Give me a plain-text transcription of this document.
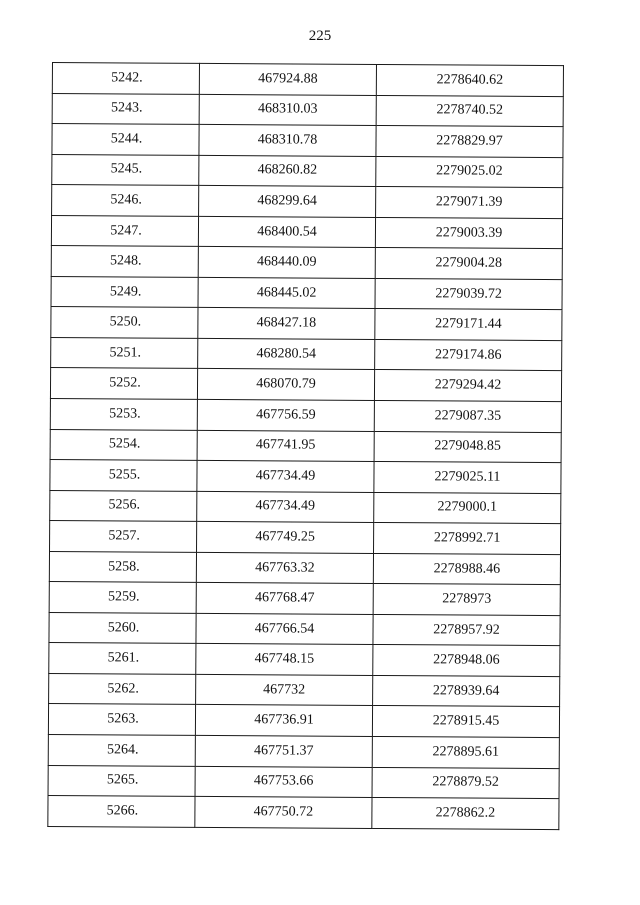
225
5242.	467924.88	2278640.62
5243.	468310.03	2278740.52
5244.	468310.78	2278829.97
5245.	468260.82	2279025.02
5246.	468299.64	2279071.39
5247.	468400.54	2279003.39
5248.	468440.09	2279004.28
5249.	468445.02	2279039.72
5250.	468427.18	2279171.44
5251.	468280.54	2279174.86
5252.	468070.79	2279294.42
5253.	467756.59	2279087.35
5254.	467741.95	2279048.85
5255.	467734.49	2279025.11
5256.	467734.49	2279000.1
5257.	467749.25	2278992.71
5258.	467763.32	2278988.46
5259.	467768.47	2278973
5260.	467766.54	2278957.92
5261.	467748.15	2278948.06
5262.	467732	2278939.64
5263.	467736.91	2278915.45
5264.	467751.37	2278895.61
5265.	467753.66	2278879.52
5266.	467750.72	2278862.2
